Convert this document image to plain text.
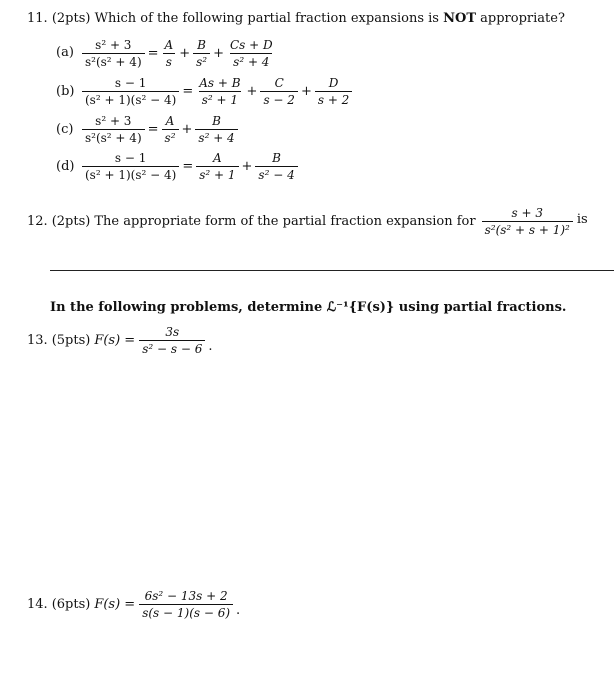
11. (2pts) Which of the following partial fraction expansions is NOT appropriate?
$(a) \frac{\text{s² + 3}}{\text{s²(s² + 4)}} = \frac{A}{s} + \frac{B}{\text{s²}} + \frac{Cs + D}{\text{s² + 4}}$
$(b) \frac{s - 1}{\text{(s² + 1)(s² − 4)}} = \frac{As + B}{\text{s² + 1}} + \frac{C}{s - 2} + \frac{D}{s + 2}$
$(c) \frac{\text{s² + 3}}{\text{s²(s² + 4)}} = \frac{A}{\text{s²}} + \frac{B}{\text{s² + 4}}$
$(d) \frac{s - 1}{\text{(s² + 1)(s² − 4)}} = \frac{A}{\text{s² + 1}} + \frac{B}{\text{s² − 4}}$
12. (2pts) The appropriate form of the partial fraction expansion for $\frac{s + 3}{\text{s²(s² + s + 1)²}}$ is
In the following problems, determine ℒ⁻¹{F(s)} using partial fractions.
13. (5pts) $F(s) = \frac{3s}{\text{s² − s − 6}}$ .
14. (6pts) $F(s) = \frac{\text{6s² − 13s + 2}}{s(s - 1)(s - 6)}$ .
